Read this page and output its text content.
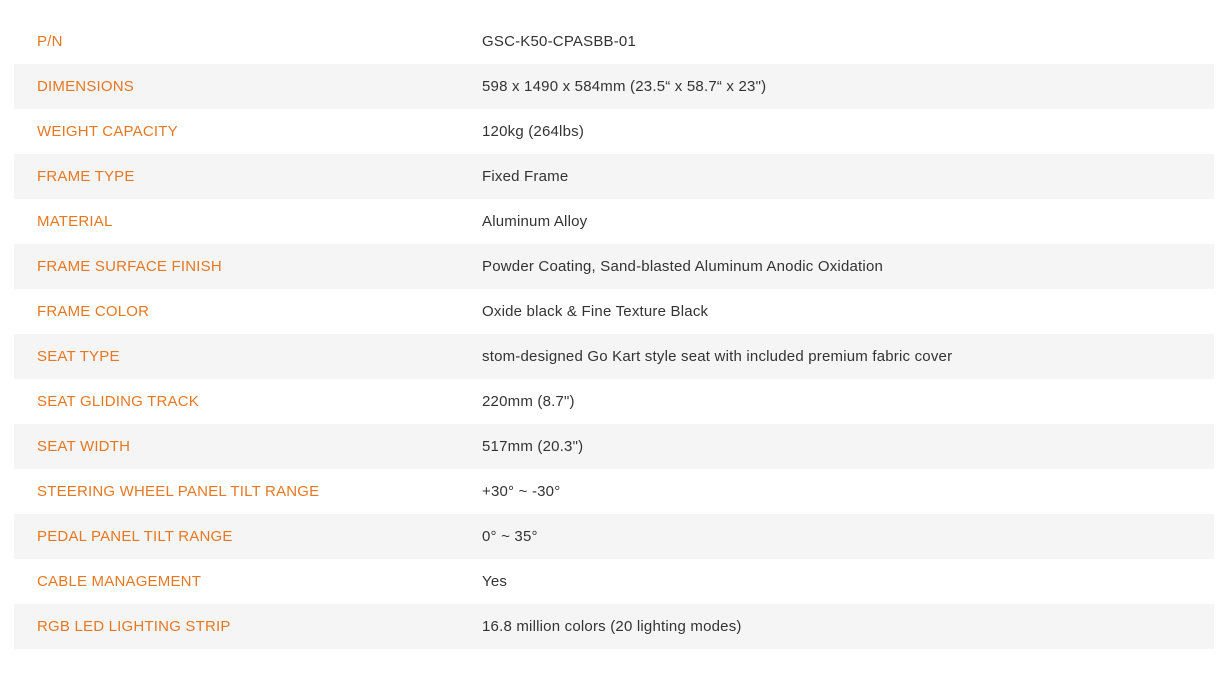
P/N	GSC-K50-CPASBB-01
DIMENSIONS	598 x 1490 x 584mm (23.5“ x 58.7“ x 23")
WEIGHT CAPACITY	120kg (264lbs)
FRAME TYPE	Fixed Frame
MATERIAL	Aluminum Alloy
FRAME SURFACE FINISH	Powder Coating, Sand-blasted Aluminum Anodic Oxidation
FRAME COLOR	Oxide black & Fine Texture Black
SEAT TYPE	stom-designed Go Kart style seat with included premium fabric cover
SEAT GLIDING TRACK	220mm (8.7")
SEAT WIDTH	517mm (20.3")
STEERING WHEEL PANEL TILT RANGE	+30° ~ -30°
PEDAL PANEL TILT RANGE	0° ~ 35°
CABLE MANAGEMENT	Yes
RGB LED LIGHTING STRIP	16.8 million colors (20 lighting modes)
